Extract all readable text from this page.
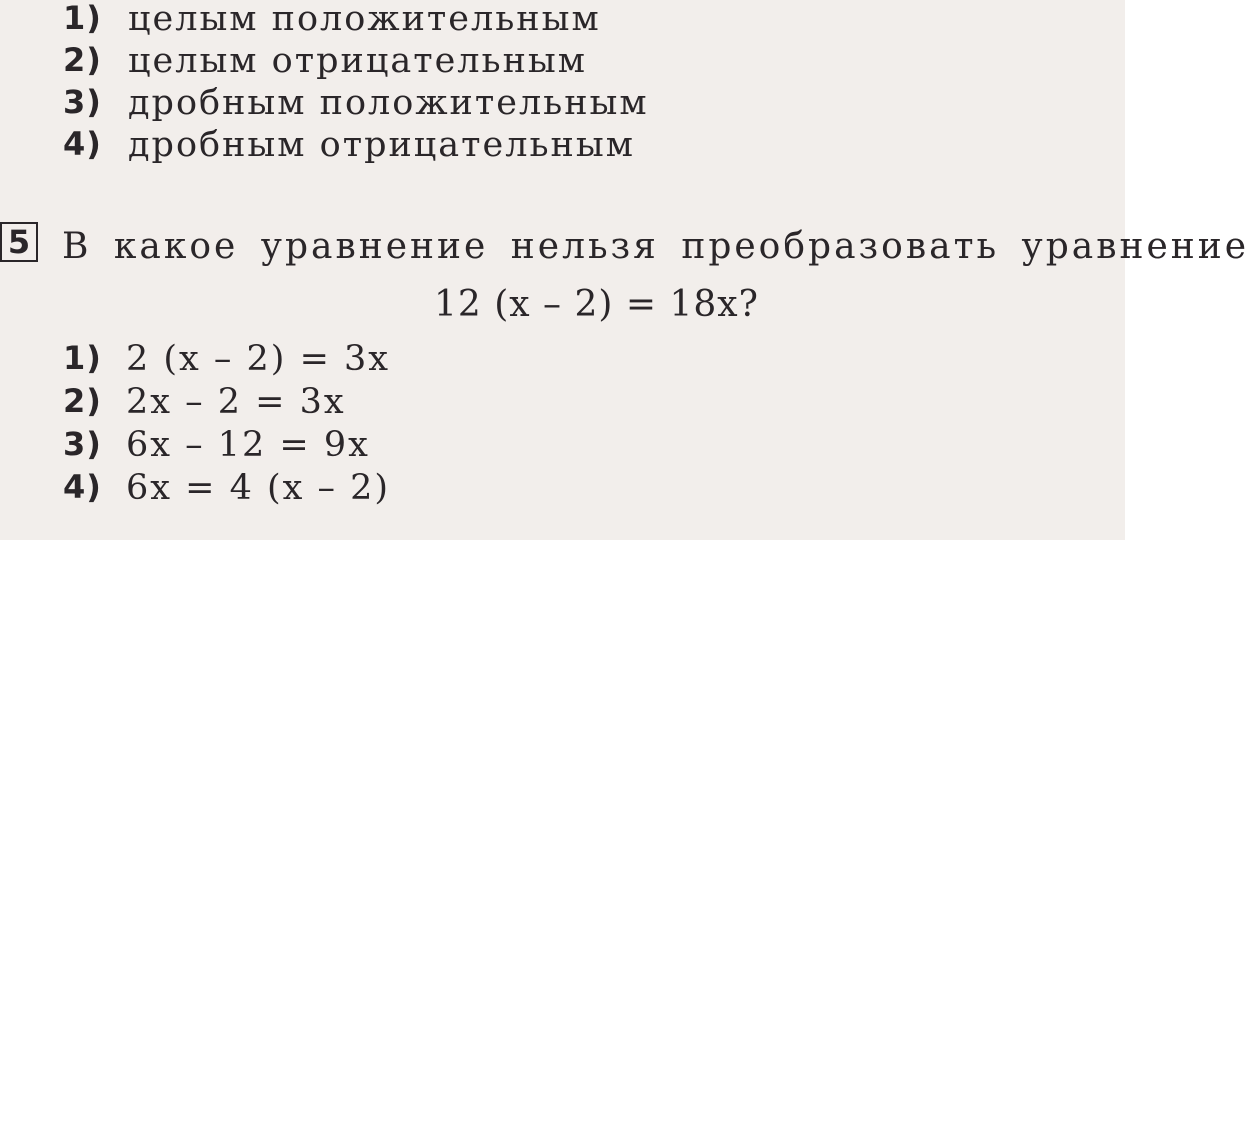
1) целым положительным
2) целым отрицательным
3) дробным положительным
4) дробным отрицательным
5 В какое уравнение нельзя преобразовать уравнение
12 (x – 2) = 18x?
1) 2 (x – 2) = 3x
2) 2x – 2 = 3x
3) 6x – 12 = 9x
4) 6x = 4 (x – 2)
